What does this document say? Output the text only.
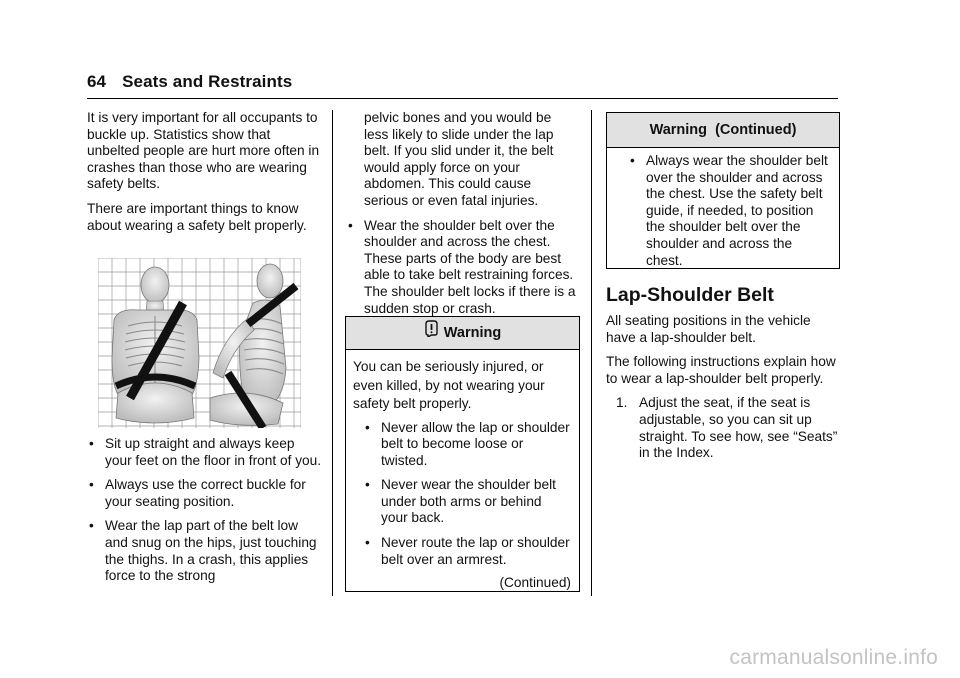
64 Seats and Restraints

It is very important for all occupants to buckle up. Statistics show that unbelted people are hurt more often in crashes than those who are wearing safety belts.

There are important things to know about wearing a safety belt properly.

• Sit up straight and always keep your feet on the floor in front of you.
• Always use the correct buckle for your seating position.
• Wear the lap part of the belt low and snug on the hips, just touching the thighs. In a crash, this applies force to the strong
pelvic bones and you would be less likely to slide under the lap belt. If you slid under it, the belt would apply force on your abdomen. This could cause serious or even fatal injuries.
• Wear the shoulder belt over the shoulder and across the chest. These parts of the body are best able to take belt restraining forces. The shoulder belt locks if there is a sudden stop or crash.
Warning

You can be seriously injured, or even killed, by not wearing your safety belt properly.

• Never allow the lap or shoulder belt to become loose or twisted.
• Never wear the shoulder belt under both arms or behind your back.
• Never route the lap or shoulder belt over an armrest.
(Continued)
Warning  (Continued)
• Always wear the shoulder belt over the shoulder and across the chest. Use the safety belt guide, if needed, to position the shoulder belt over the shoulder and across the chest.
Lap-Shoulder Belt

All seating positions in the vehicle have a lap-shoulder belt.

The following instructions explain how to wear a lap-shoulder belt properly.

1. Adjust the seat, if the seat is adjustable, so you can sit up straight. To see how, see “Seats” in the Index.
carmanualsonline.info
